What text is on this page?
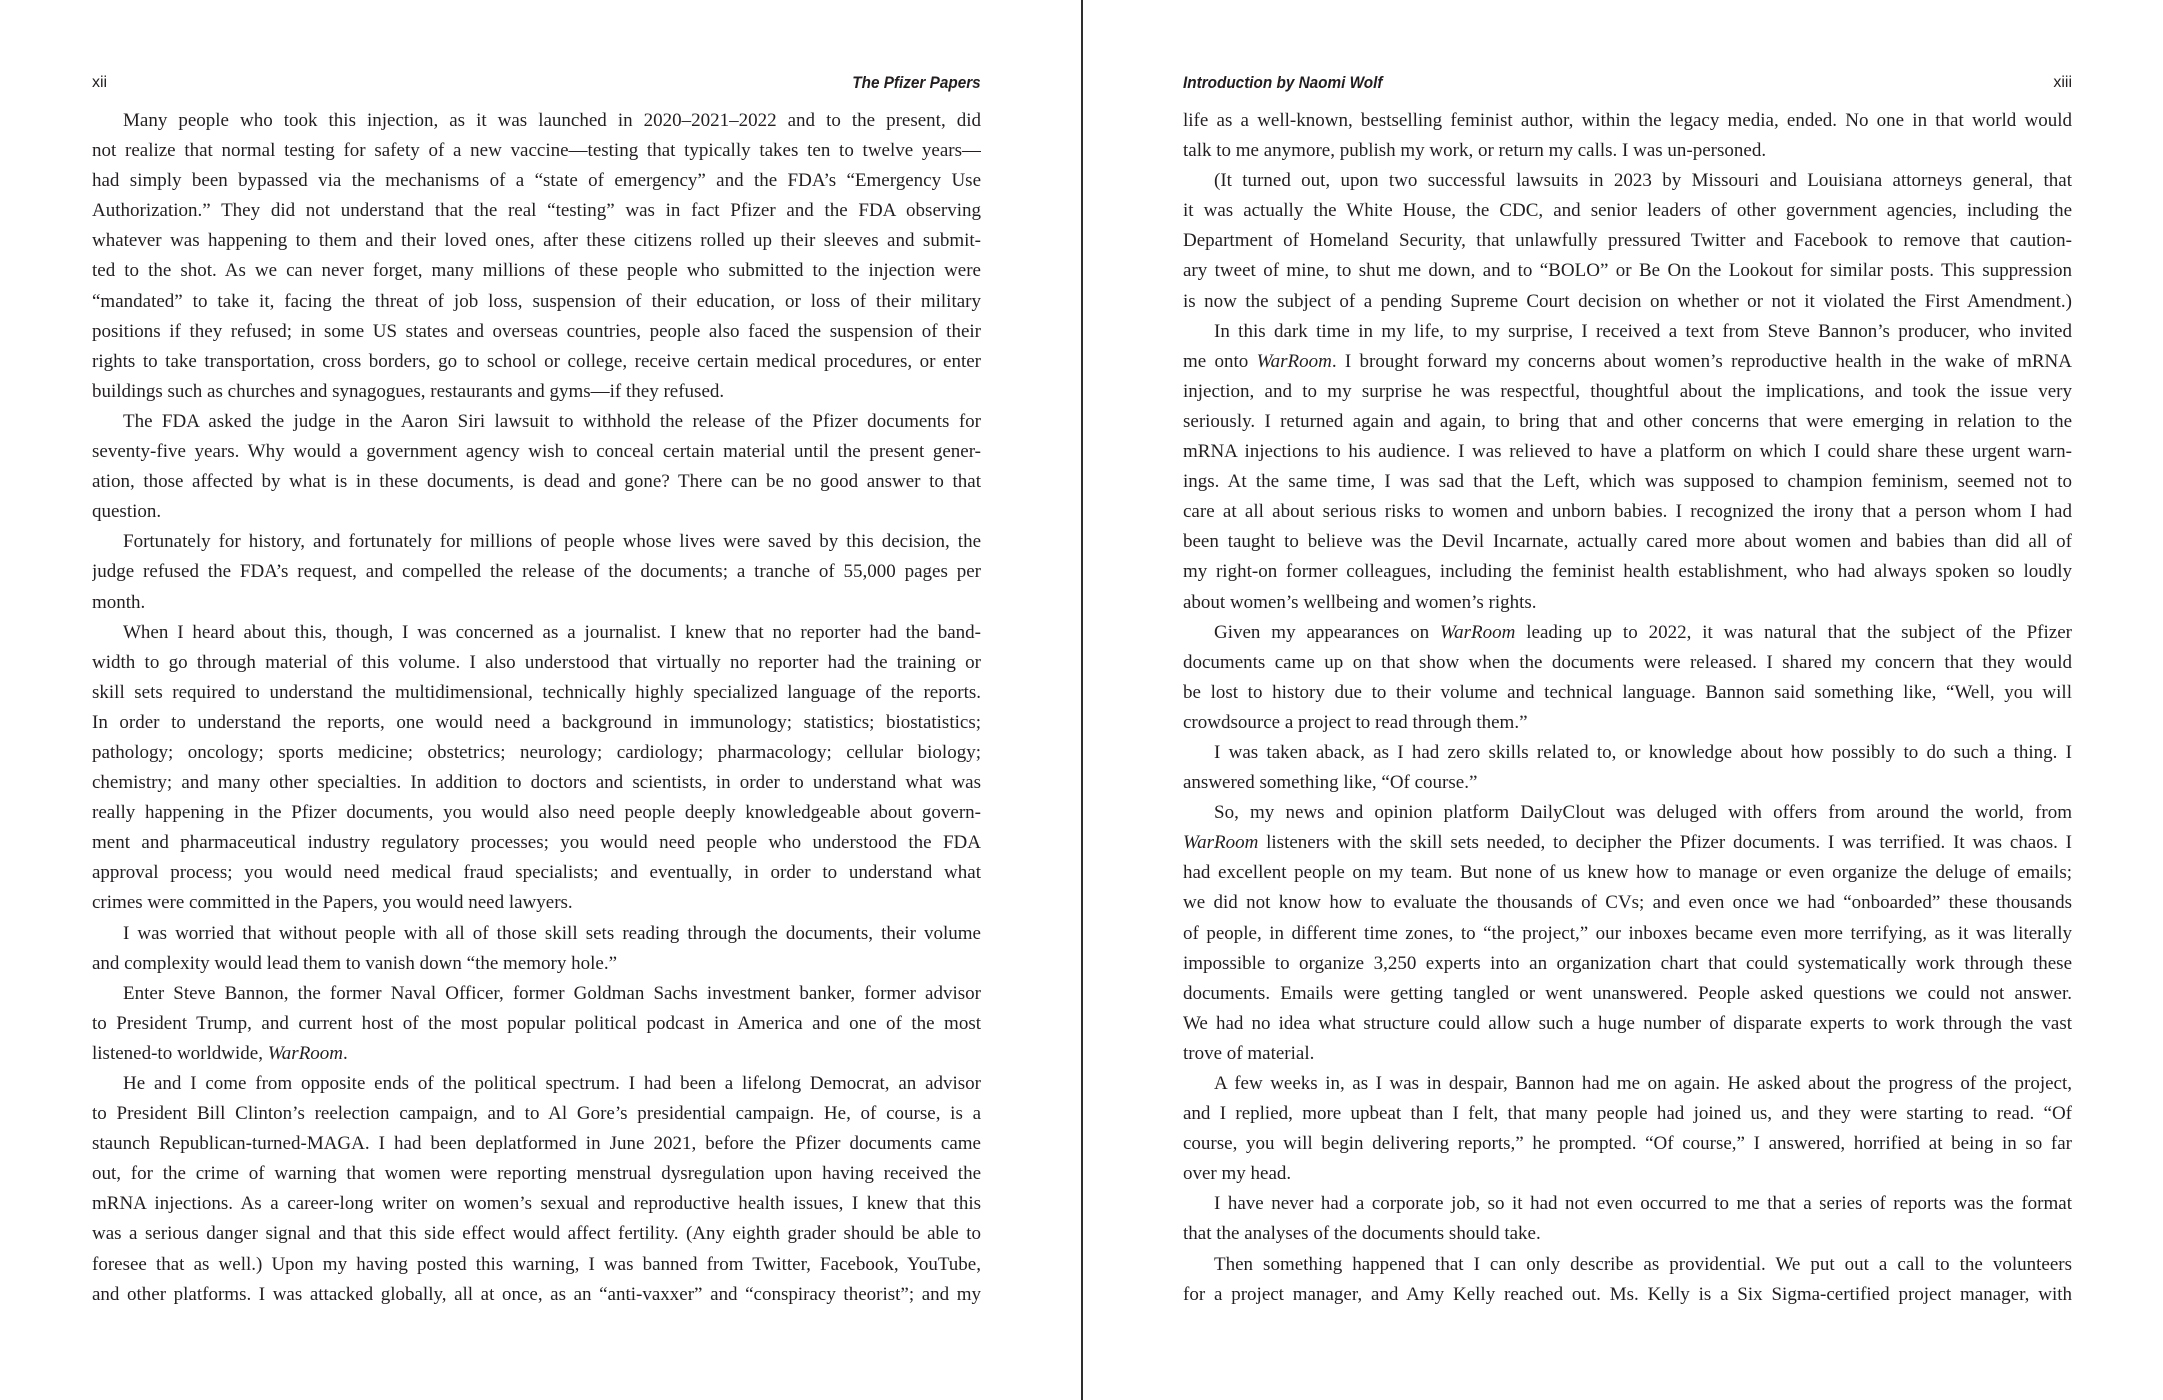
xii	The Pfizer Papers
Many people who took this injection, as it was launched in 2020–2021–2022 and to the present, did
not realize that normal testing for safety of a new vaccine—testing that typically takes ten to twelve years—
had simply been bypassed via the mechanisms of a “state of emergency” and the FDA’s “Emergency Use
Authorization.” They did not understand that the real “testing” was in fact Pfizer and the FDA observing
whatever was happening to them and their loved ones, after these citizens rolled up their sleeves and submit-
ted to the shot. As we can never forget, many millions of these people who submitted to the injection were
“mandated” to take it, facing the threat of job loss, suspension of their education, or loss of their military
positions if they refused; in some US states and overseas countries, people also faced the suspension of their
rights to take transportation, cross borders, go to school or college, receive certain medical procedures, or enter
buildings such as churches and synagogues, restaurants and gyms—if they refused.
The FDA asked the judge in the Aaron Siri lawsuit to withhold the release of the Pfizer documents for
seventy-five years. Why would a government agency wish to conceal certain material until the present gener-
ation, those affected by what is in these documents, is dead and gone? There can be no good answer to that
question.
Fortunately for history, and fortunately for millions of people whose lives were saved by this decision, the
judge refused the FDA’s request, and compelled the release of the documents; a tranche of 55,000 pages per
month.
When I heard about this, though, I was concerned as a journalist. I knew that no reporter had the band-
width to go through material of this volume. I also understood that virtually no reporter had the training or
skill sets required to understand the multidimensional, technically highly specialized language of the reports.
In order to understand the reports, one would need a background in immunology; statistics; biostatistics;
pathology; oncology; sports medicine; obstetrics; neurology; cardiology; pharmacology; cellular biology;
chemistry; and many other specialties. In addition to doctors and scientists, in order to understand what was
really happening in the Pfizer documents, you would also need people deeply knowledgeable about govern-
ment and pharmaceutical industry regulatory processes; you would need people who understood the FDA
approval process; you would need medical fraud specialists; and eventually, in order to understand what
crimes were committed in the Papers, you would need lawyers.
I was worried that without people with all of those skill sets reading through the documents, their volume
and complexity would lead them to vanish down “the memory hole.”
Enter Steve Bannon, the former Naval Officer, former Goldman Sachs investment banker, former advisor
to President Trump, and current host of the most popular political podcast in America and one of the most
listened-to worldwide, WarRoom.
He and I come from opposite ends of the political spectrum. I had been a lifelong Democrat, an advisor
to President Bill Clinton’s reelection campaign, and to Al Gore’s presidential campaign. He, of course, is a
staunch Republican-turned-MAGA. I had been deplatformed in June 2021, before the Pfizer documents came
out, for the crime of warning that women were reporting menstrual dysregulation upon having received the
mRNA injections. As a career-long writer on women’s sexual and reproductive health issues, I knew that this
was a serious danger signal and that this side effect would affect fertility. (Any eighth grader should be able to
foresee that as well.) Upon my having posted this warning, I was banned from Twitter, Facebook, YouTube,
and other platforms. I was attacked globally, all at once, as an “anti-vaxxer” and “conspiracy theorist”; and my
Introduction by Naomi Wolf	xiii
life as a well-known, bestselling feminist author, within the legacy media, ended. No one in that world would
talk to me anymore, publish my work, or return my calls. I was un-personed.
(It turned out, upon two successful lawsuits in 2023 by Missouri and Louisiana attorneys general, that
it was actually the White House, the CDC, and senior leaders of other government agencies, including the
Department of Homeland Security, that unlawfully pressured Twitter and Facebook to remove that caution-
ary tweet of mine, to shut me down, and to “BOLO” or Be On the Lookout for similar posts. This suppression
is now the subject of a pending Supreme Court decision on whether or not it violated the First Amendment.)
In this dark time in my life, to my surprise, I received a text from Steve Bannon’s producer, who invited
me onto WarRoom. I brought forward my concerns about women’s reproductive health in the wake of mRNA
injection, and to my surprise he was respectful, thoughtful about the implications, and took the issue very
seriously. I returned again and again, to bring that and other concerns that were emerging in relation to the
mRNA injections to his audience. I was relieved to have a platform on which I could share these urgent warn-
ings. At the same time, I was sad that the Left, which was supposed to champion feminism, seemed not to
care at all about serious risks to women and unborn babies. I recognized the irony that a person whom I had
been taught to believe was the Devil Incarnate, actually cared more about women and babies than did all of
my right-on former colleagues, including the feminist health establishment, who had always spoken so loudly
about women’s wellbeing and women’s rights.
Given my appearances on WarRoom leading up to 2022, it was natural that the subject of the Pfizer
documents came up on that show when the documents were released. I shared my concern that they would
be lost to history due to their volume and technical language. Bannon said something like, “Well, you will
crowdsource a project to read through them.”
I was taken aback, as I had zero skills related to, or knowledge about how possibly to do such a thing. I
answered something like, “Of course.”
So, my news and opinion platform DailyClout was deluged with offers from around the world, from
WarRoom listeners with the skill sets needed, to decipher the Pfizer documents. I was terrified. It was chaos. I
had excellent people on my team. But none of us knew how to manage or even organize the deluge of emails;
we did not know how to evaluate the thousands of CVs; and even once we had “onboarded” these thousands
of people, in different time zones, to “the project,” our inboxes became even more terrifying, as it was literally
impossible to organize 3,250 experts into an organization chart that could systematically work through these
documents. Emails were getting tangled or went unanswered. People asked questions we could not answer.
We had no idea what structure could allow such a huge number of disparate experts to work through the vast
trove of material.
A few weeks in, as I was in despair, Bannon had me on again. He asked about the progress of the project,
and I replied, more upbeat than I felt, that many people had joined us, and they were starting to read. “Of
course, you will begin delivering reports,” he prompted. “Of course,” I answered, horrified at being in so far
over my head.
I have never had a corporate job, so it had not even occurred to me that a series of reports was the format
that the analyses of the documents should take.
Then something happened that I can only describe as providential. We put out a call to the volunteers
for a project manager, and Amy Kelly reached out. Ms. Kelly is a Six Sigma-certified project manager, with
